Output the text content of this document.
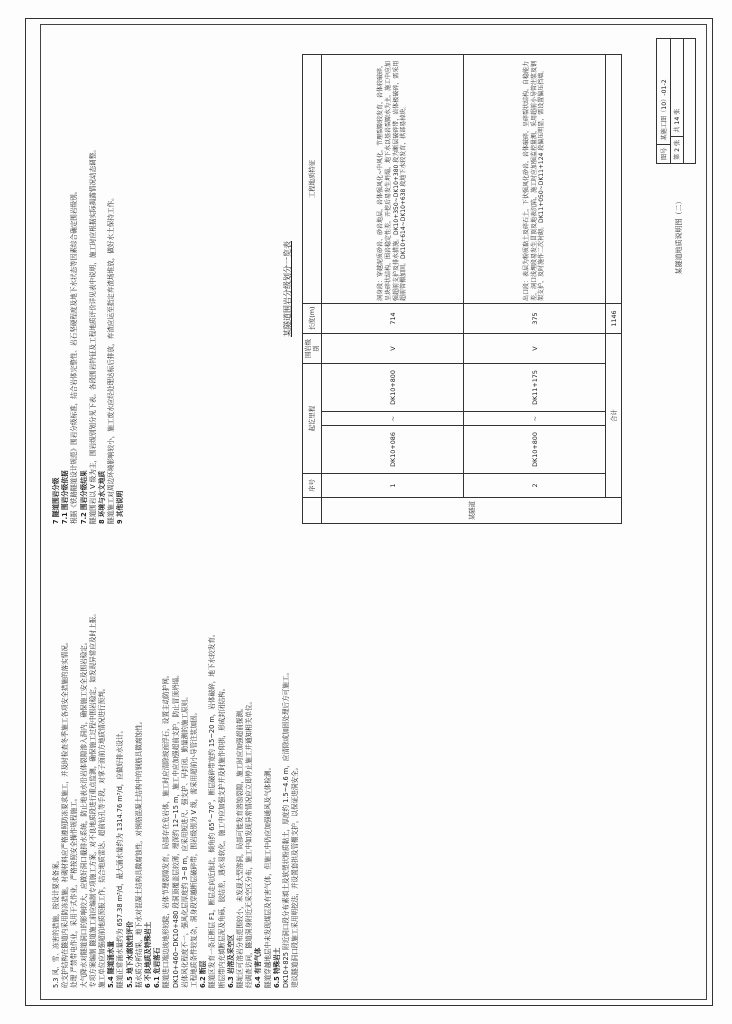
5.3 风、雪、冻害的措施，按设计要求备案。 砼支护结构在隧道内采用防冻措施，衬砌材料应严格遵照防冻要求施工，并及时检查冬季施工各项安全措施的落实情况。 处理 严禁带电作业，采用干式作业，严格按照安全操作规程施工。 大气降水对隧道洞口的影响较大，应做好洞口截排水系统，防止地表水沿岩体裂隙渗入洞内，确保施工安全及围岩稳定。 专项方案编制 隧道施工前应编制专项施工方案，对不良地质段进行重点监测，确保施工过程中围岩稳定，如发现异常应及时上报。 施工单位应加强超前地质预报工作，结合地质雷达、超前钻孔等手段，对掌子面前方地质情况进行预判。 5.4 隧道涌水量 隧道正常涌水量约为 657.38 m³/d，最大涌水量约为 1314.76 m³/d，应做好排水设计。 5.5 地下水腐蚀性评价 据水质分析结果，地下水对混凝土结构具微腐蚀性，对钢筋混凝土结构中的钢筋具微腐蚀性。 6 不良地质及特殊岩土 6.1 危岩落石 隧道进口端边坡地形较陡，岩体节理裂隙发育，局部存在危岩体，施工时应清除坡面浮石，设置主动防护网。 DK10+460~DK10+480 段洞顶覆盖层较薄，埋深约 12~15 m，施工中应加强超前支护，防止冒顶坍塌。 岩体风化程度不一，强风化层厚度约 3~8 m，应采用短进尺、强支护、早封闭、勤量测的施工原则。 工程地质条件较复杂，洞身段穿越断层破碎带，围岩级别为 V 级，需采用超前小导管注浆加固。 6.2 断层 隧道区发育一条正断层 F1，断层走向近南北，倾角约 65°~70°，断层破碎带宽约 15~20 m，岩体破碎，地下水较发育。 断层带内充填断层泥及角砾，胶结差，遇水易软化，施工中应加强支护并及时施作仰拱，形成封闭结构。 6.3 岩溶及采空区 隧址区可溶岩分布范围较小，未发现大型溶洞，局部可能发育溶蚀裂隙，施工时应加强超前探测。 经调查访问，隧道洞身附近无采空区分布，施工中如发现异常情况应立即停止施工并通知相关单位。 6.4 有害气体 隧道穿越地层中未发现煤层及有害气体，但施工中仍应加强通风及气体检测。 6.5 特殊岩土 DK10+825 附近洞口段分布素填土及软塑状粉质黏土，厚度约 1.5~4.6 m，应清除或加固处理后方可施工。 建议隧道洞口段施工采用明挖法，并设置套拱及管棚支护，以保证进洞安全。

7 隧道围岩分级 7.1 围岩分级依据 根据《铁路隧道设计规范》围岩分级标准，结合岩体完整性、岩石坚硬程度及地下水状态等因素综合确定围岩级别。 7.2 围岩分级结果 隧道围岩以 V 级为主，围岩级别划分见下表。各段围岩特征及工程地质评价详见表中说明，施工时应根据实际揭露情况动态调整。 8 环境与水文地质 隧道施工对周边环境影响较小，施工废水应经处理达标后排放，弃渣应运至指定弃渣场堆放，做好水土保持工作。 9 其他说明

某隧道围岩分级划分一览表
	序号	起讫里程			围岩级别	长度(m)	工程地质特征
某隧道	1	DK10+086	~	DK10+800	V	714	洞身段：穿越泥质砂岩、砂岩地层，岩体强风化~中风化，节理裂隙较发育，岩体较破碎，呈块碎状结构，围岩稳定性差，开挖后易发生坍塌，地下水以基岩裂隙水为主，施工中应加强超前支护及排水措施。DK10+350~DK10+380 段为断层破碎带，岩体极破碎，需采用超前管棚加固。DK10+614~DK10+638 段地下水较发育，拱部易掉块。
	2	DK10+800	~	DK11+175	V	375	出口段：表层为粉质黏土及碎石土，下伏强风化砂岩，岩体破碎，呈碎裂状结构，自稳能力差，洞口浅埋段易发生冒顶及地表沉陷，施工时应加强监控量测，采用超前小导管注浆及钢架支护，及时施作二次衬砌。DK11+050~DK11+124 段偏压明显，需设置偏压挡墙。
	合计					1146	
某隧道地质说明图（二）
图号
某施工图（10）-01-2
第 2 张
共 14 张
